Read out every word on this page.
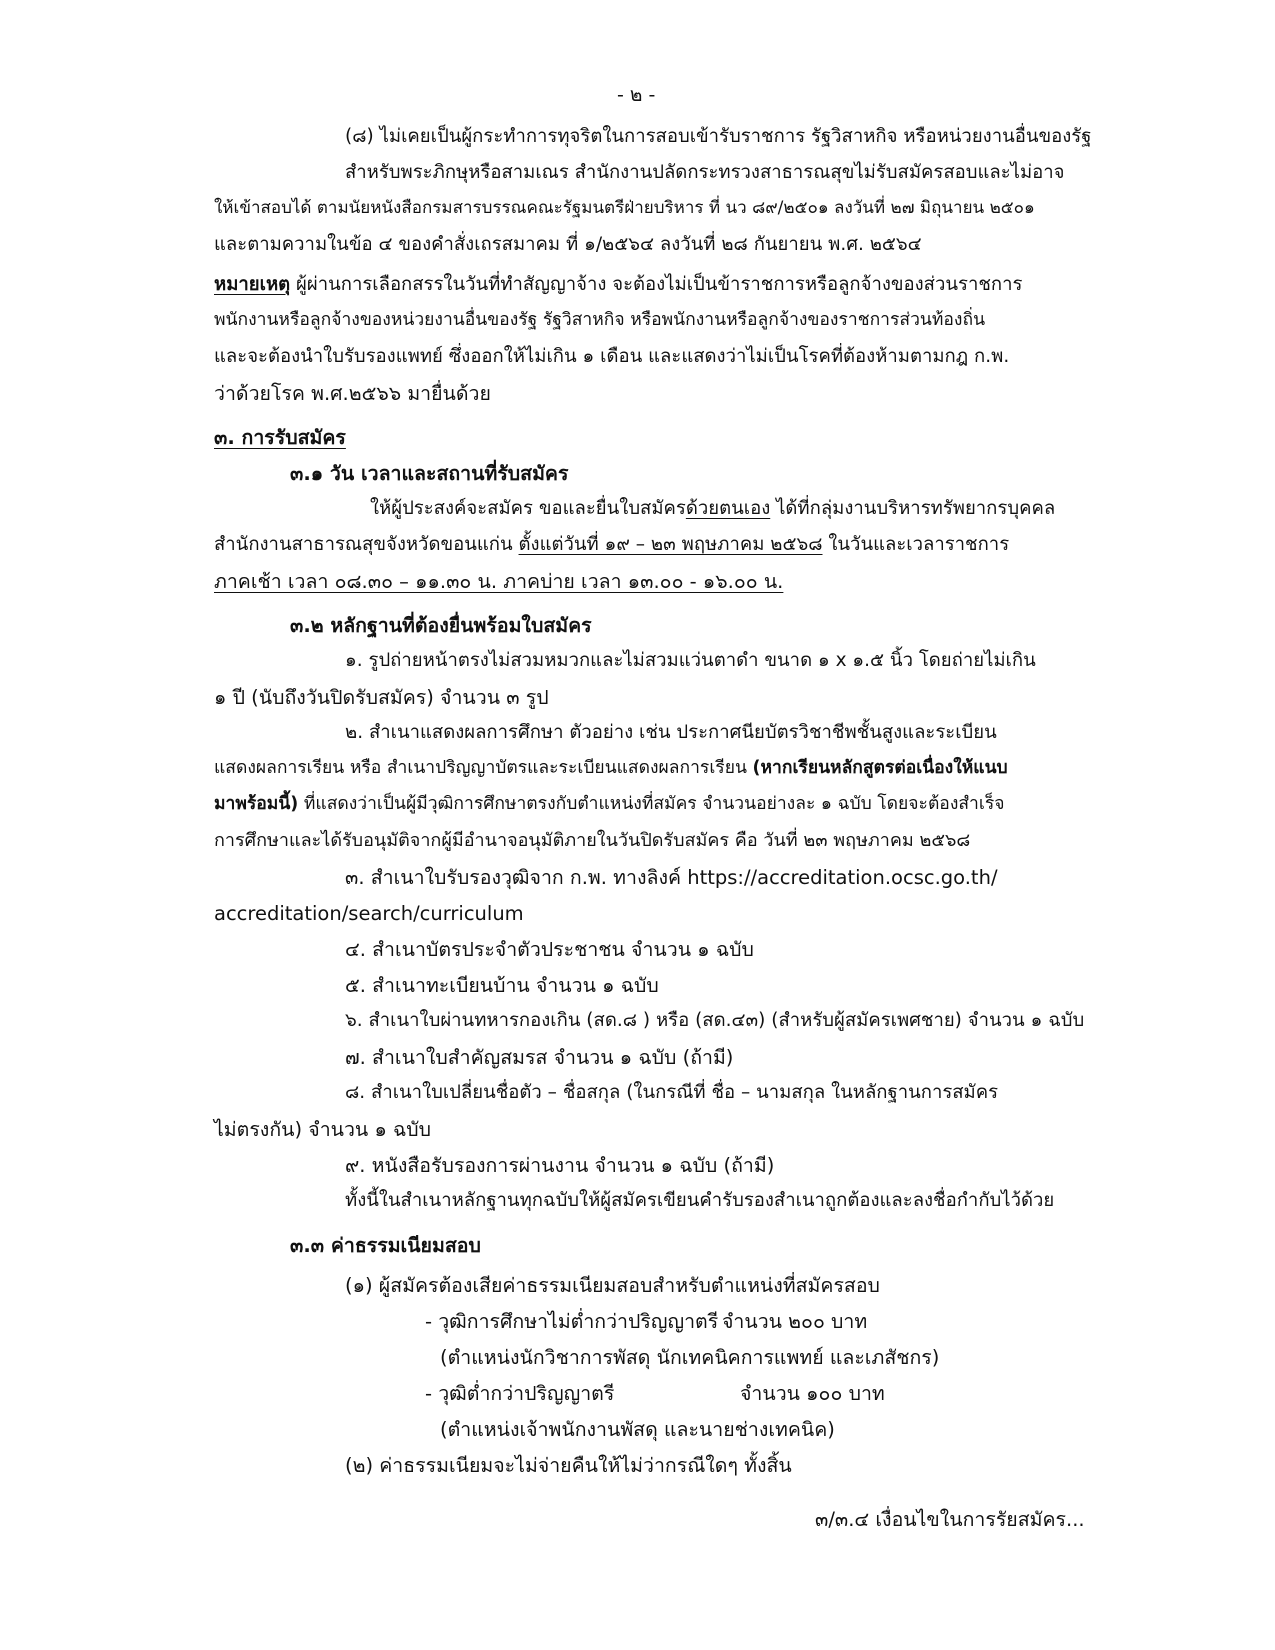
- ๒ -
(๘) ไม่เคยเป็นผู้กระทำการทุจริตในการสอบเข้ารับราชการ รัฐวิสาหกิจ หรือหน่วยงานอื่นของรัฐ
สำหรับพระภิกษุหรือสามเณร สำนักงานปลัดกระทรวงสาธารณสุขไม่รับสมัครสอบและไม่อาจ
ให้เข้าสอบได้ ตามนัยหนังสือกรมสารบรรณคณะรัฐมนตรีฝ่ายบริหาร ที่ นว ๘๙/๒๕๐๑ ลงวันที่ ๒๗ มิถุนายน ๒๕๐๑
และตามความในข้อ ๔ ของคำสั่งเถรสมาคม ที่ ๑/๒๕๖๔ ลงวันที่ ๒๘ กันยายน พ.ศ. ๒๕๖๔
หมายเหตุ ผู้ผ่านการเลือกสรรในวันที่ทำสัญญาจ้าง จะต้องไม่เป็นข้าราชการหรือลูกจ้างของส่วนราชการ
พนักงานหรือลูกจ้างของหน่วยงานอื่นของรัฐ รัฐวิสาหกิจ หรือพนักงานหรือลูกจ้างของราชการส่วนท้องถิ่น
และจะต้องนำใบรับรองแพทย์ ซึ่งออกให้ไม่เกิน ๑ เดือน และแสดงว่าไม่เป็นโรคที่ต้องห้ามตามกฎ ก.พ.
ว่าด้วยโรค พ.ศ.๒๕๖๖ มายื่นด้วย
๓. การรับสมัคร
๓.๑ วัน เวลาและสถานที่รับสมัคร
ให้ผู้ประสงค์จะสมัคร ขอและยื่นใบสมัครด้วยตนเอง ได้ที่กลุ่มงานบริหารทรัพยากรบุคคล
สำนักงานสาธารณสุขจังหวัดขอนแก่น ตั้งแต่วันที่ ๑๙ – ๒๓ พฤษภาคม ๒๕๖๘ ในวันและเวลาราชการ
ภาคเช้า เวลา ๐๘.๓๐ – ๑๑.๓๐ น. ภาคบ่าย เวลา ๑๓.๐๐ - ๑๖.๐๐ น.
๓.๒ หลักฐานที่ต้องยื่นพร้อมใบสมัคร
๑. รูปถ่ายหน้าตรงไม่สวมหมวกและไม่สวมแว่นตาดำ ขนาด ๑ x ๑.๕ นิ้ว โดยถ่ายไม่เกิน
๑ ปี (นับถึงวันปิดรับสมัคร) จำนวน ๓ รูป
๒. สำเนาแสดงผลการศึกษา ตัวอย่าง เช่น ประกาศนียบัตรวิชาชีพชั้นสูงและระเบียน
แสดงผลการเรียน หรือ สำเนาปริญญาบัตรและระเบียนแสดงผลการเรียน (หากเรียนหลักสูตรต่อเนื่องให้แนบ
มาพร้อมนี้) ที่แสดงว่าเป็นผู้มีวุฒิการศึกษาตรงกับตำแหน่งที่สมัคร จำนวนอย่างละ ๑ ฉบับ โดยจะต้องสำเร็จ
การศึกษาและได้รับอนุมัติจากผู้มีอำนาจอนุมัติภายในวันปิดรับสมัคร คือ วันที่ ๒๓ พฤษภาคม ๒๕๖๘
๓. สำเนาใบรับรองวุฒิจาก ก.พ. ทางลิงค์ https://accreditation.ocsc.go.th/
accreditation/search/curriculum
๔. สำเนาบัตรประจำตัวประชาชน จำนวน ๑ ฉบับ
๕. สำเนาทะเบียนบ้าน จำนวน ๑ ฉบับ
๖. สำเนาใบผ่านทหารกองเกิน (สด.๘ ) หรือ (สด.๔๓) (สำหรับผู้สมัครเพศชาย) จำนวน ๑ ฉบับ
๗. สำเนาใบสำคัญสมรส จำนวน ๑ ฉบับ (ถ้ามี)
๘. สำเนาใบเปลี่ยนชื่อตัว – ชื่อสกุล (ในกรณีที่ ชื่อ – นามสกุล ในหลักฐานการสมัคร
ไม่ตรงกัน) จำนวน ๑ ฉบับ
๙. หนังสือรับรองการผ่านงาน จำนวน ๑ ฉบับ (ถ้ามี)
ทั้งนี้ในสำเนาหลักฐานทุกฉบับให้ผู้สมัครเขียนคำรับรองสำเนาถูกต้องและลงชื่อกำกับไว้ด้วย
๓.๓ ค่าธรรมเนียมสอบ
(๑) ผู้สมัครต้องเสียค่าธรรมเนียมสอบสำหรับตำแหน่งที่สมัครสอบ
- วุฒิการศึกษาไม่ต่ำกว่าปริญญาตรี จำนวน ๒๐๐ บาท
(ตำแหน่งนักวิชาการพัสดุ นักเทคนิคการแพทย์ และเภสัชกร)
- วุฒิต่ำกว่าปริญญาตรี	จำนวน ๑๐๐ บาท
(ตำแหน่งเจ้าพนักงานพัสดุ และนายช่างเทคนิค)
(๒) ค่าธรรมเนียมจะไม่จ่ายคืนให้ไม่ว่ากรณีใดๆ ทั้งสิ้น
๓/๓.๔ เงื่อนไขในการรัยสมัคร...
